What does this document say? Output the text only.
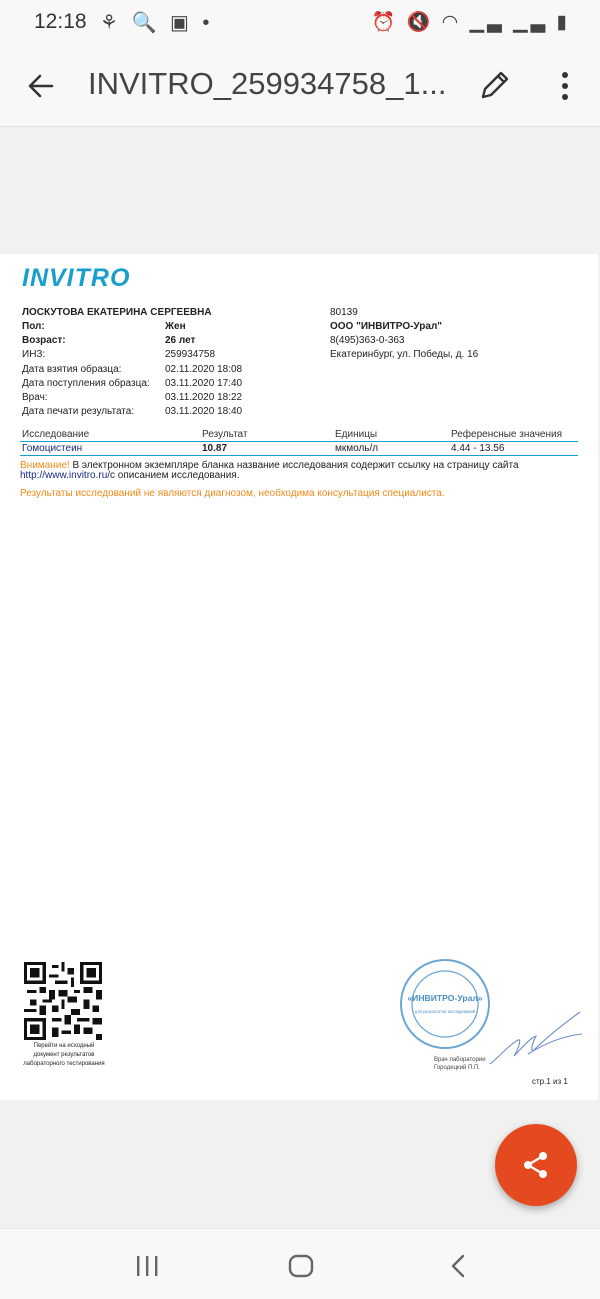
12:18 ⚘ 🔍 ▣ •	⏰ 🔇 ◠ ▁▃ ▁▃ ▮
INVITRO_259934758_1...
INVITRO
ЛОСКУТОВА ЕКАТЕРИНА СЕРГЕЕВНА
Пол:	Жен
Возраст:	26 лет
ИНЗ:	259934758
Дата взятия образца:	02.11.2020 18:08
Дата поступления образца: 03.11.2020 17:40
Врач:	03.11.2020 18:22
Дата печати результата:	03.11.2020 18:40
80139
ООО "ИНВИТРО-Урал"
8(495)363-0-363
Екатеринбург, ул. Победы, д. 16
Исследование	Результат	Единицы	Референсные значения
Гомоцистеин	10.87	мкмоль/л	4.44 - 13.56
Внимание! В электронном экземпляре бланка название исследования содержит ссылку на страницу сайта
http://www.invitro.ru/с описанием исследования.
Результаты исследований не являются диагнозом, необходима консультация специалиста.
Перейти на исходный
документ результатов
лабораторного тестирования
«ИНВИТРО-Урал»
для результатов исследований
Врач лаборатории
Городецкий П.П.
стр.1 из 1
